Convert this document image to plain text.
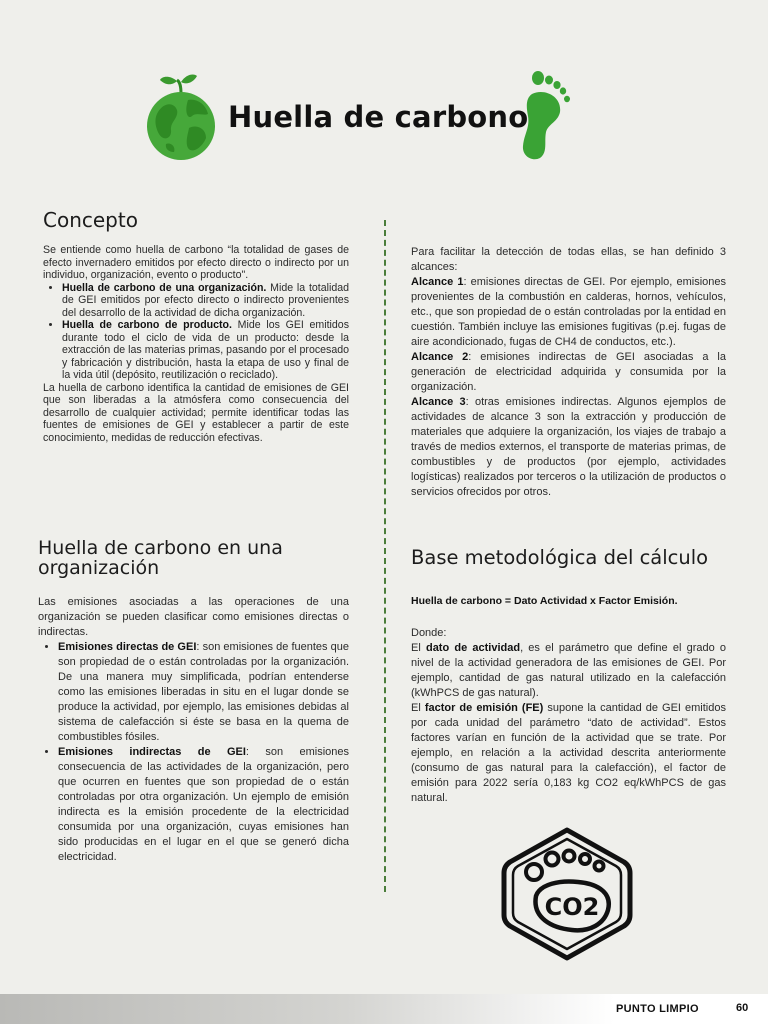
Huella de carbono
Concepto

Se entiende como huella de carbono “la totalidad de gases de efecto invernadero emitidos por efecto directo o indirecto por un individuo, organización, evento o producto".

• Huella de carbono de una organización. Mide la totalidad de GEI emitidos por efecto directo o indirecto provenientes del desarrollo de la actividad de dicha organización.
• Huella de carbono de producto. Mide los GEI emitidos durante todo el ciclo de vida de un producto: desde la extracción de las materias primas, pasando por el procesado y fabricación y distribución, hasta la etapa de uso y final de la vida útil (depósito, reutilización o reciclado).

La huella de carbono identifica la cantidad de emisiones de GEI que son liberadas a la atmósfera como consecuencia del desarrollo de cualquier actividad; permite identificar todas las fuentes de emisiones de GEI y establecer a partir de este conocimiento, medidas de reducción efectivas.

Huella de carbono en una organización

Las emisiones asociadas a las operaciones de una organización se pueden clasificar como emisiones directas o indirectas.

• Emisiones directas de GEI: son emisiones de fuentes que son propiedad de o están controladas por la organización. De una manera muy simplificada, podrían entenderse como las emisiones liberadas in situ en el lugar donde se produce la actividad, por ejemplo, las emisiones debidas al sistema de calefacción si éste se basa en la quema de combustibles fósiles.
• Emisiones indirectas de GEI: son emisiones consecuencia de las actividades de la organización, pero que ocurren en fuentes que son propiedad de o están controladas por otra organización. Un ejemplo de emisión indirecta es la emisión procedente de la electricidad consumida por una organización, cuyas emisiones han sido producidas en el lugar en el que se generó dicha electricidad.

Para facilitar la detección de todas ellas, se han definido 3 alcances:

Alcance 1: emisiones directas de GEI. Por ejemplo, emisiones provenientes de la combustión en calderas, hornos, vehículos, etc., que son propiedad de o están controladas por la entidad en cuestión. También incluye las emisiones fugitivas (p.ej. fugas de aire acondicionado, fugas de CH4 de conductos, etc.).

Alcance 2: emisiones indirectas de GEI asociadas a la generación de electricidad adquirida y consumida por la organización.

Alcance 3: otras emisiones indirectas. Algunos ejemplos de actividades de alcance 3 son la extracción y producción de materiales que adquiere la organización, los viajes de trabajo a través de medios externos, el transporte de materias primas, de combustibles y de productos (por ejemplo, actividades logísticas) realizados por terceros o la utilización de productos o servicios ofrecidos por otros.

Base metodológica del cálculo
Huella de carbono = Dato Actividad x Factor Emisión.

Donde:

El dato de actividad, es el parámetro que define el grado o nivel de la actividad generadora de las emisiones de GEI. Por ejemplo, cantidad de gas natural utilizado en la calefacción (kWhPCS de gas natural).

El factor de emisión (FE) supone la cantidad de GEI emitidos por cada unidad del parámetro “dato de actividad”. Estos factores varían en función de la actividad que se trate. Por ejemplo, en relación a la actividad descrita anteriormente (consumo de gas natural para la calefacción), el factor de emisión para 2022 sería 0,183 kg CO2 eq/kWhPCS de gas natural.

CO2
PUNTO LIMPIO	60
